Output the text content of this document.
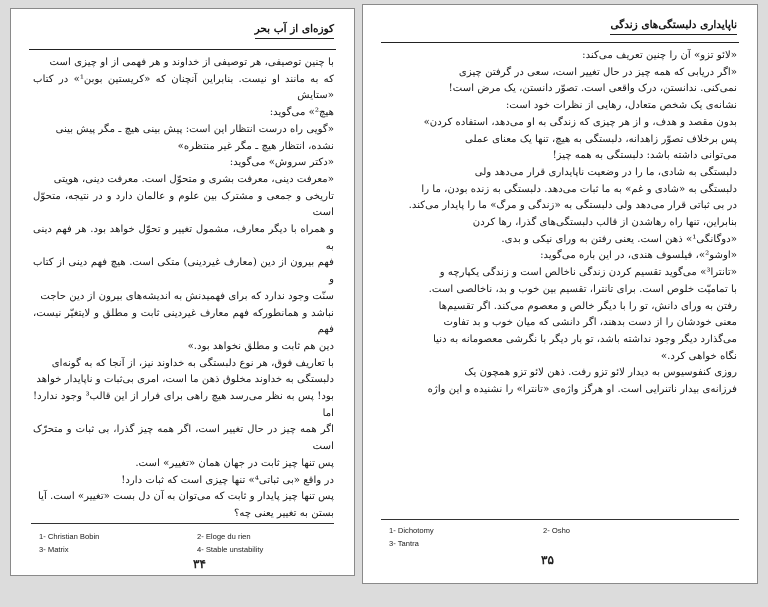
کوزه‌ای از آب بحر

با چنین توصیفی، هر توصیفی از خداوند و هر فهمی از او چیزی است

که به مانند او نیست. بنابراین آنچنان که «کریستین بوبن¹» در کتاب «ستایش

هیچ²» می‌گوید:

«گویی راه درست انتظار این است: پیش بینی هیچ ـ مگر پیش بینی

نشده، انتظار هیچ ـ مگر غیر منتظره»

«دکتر سروش» می‌گوید:

«معرفت دینی، معرفت بشری و متحوّل است. معرفت دینی، هویتی

تاریخی و جمعی و مشترک بین علوم و عالمان دارد و در نتیجه، متحوّل است

و همراه با دیگر معارف، مشمول تغییر و تحوّل خواهد بود. هر فهم دینی به

فهم بیرون از دین (معارف غیردینی) متکی است. هیچ فهم دینی از کتاب و

سنّت وجود ندارد که برای فهمیدنش به اندیشه‌های بیرون از دین حاجت

نباشد و همانطورکه فهم معارف غیردینی ثابت و مطلق و لایتغیّر نیست، فهم

دین هم ثابت و مطلق نخواهد بود.»

با تعاریف فوق، هر نوع دلبستگی به خداوند نیز، از آنجا که به گونه‌ای

دلبستگی به خداوند مخلوق ذهن ما است، امری بی‌ثبات و ناپایدار خواهد

بود! پس به نظر می‌رسد هیچ راهی برای فرار از این قالب³ وجود ندارد! اما

اگر همه چیز در حال تغییر است، اگر همه چیز گذرا، بی ثبات و متحرّک است

پس تنها چیز ثابت در جهان همان «تغییر» است.

در واقع «بی ثباتی⁴» تنها چیزی است که ثبات دارد!

پس تنها چیز پایدار و ثابت که می‌توان به آن دل بست «تغییر» است. آیا

بستن به تغییر یعنی چه؟

1- Christian Bobin	2- Eloge du rien
3- Matrix	4- Stable unstability
۳۴
ناپایداری دلبستگی‌های زندگی

«لائو تزو» آن را چنین تعریف می‌کند:

«اگر دریابی که همه چیز در حال تغییر است، سعی در گرفتن چیزی

نمی‌کنی. ندانستن، درک واقعی است. تصوّر دانستن، یک مرض است!

نشانه‌ی یک شخص متعادل، رهایی از نظرات خود است:

بدون مقصد و هدف، و از هر چیزی که زندگی به او می‌دهد، استفاده کردن»

پس برخلاف تصوّر زاهدانه، دلبستگی به هیچ، تنها یک معنای عملی

می‌توانی داشته باشد: دلبستگی به همه چیز!

دلبستگی به شادی، ما را در وضعیت ناپایداری قرار می‌دهد ولی

دلبستگی به «شادی و غم» به ما ثبات می‌دهد. دلبستگی به زنده بودن، ما را

در بی ثباتی قرار می‌دهد ولی دلبستگی به «زندگی و مرگ» ما را پایدار می‌کند.

بنابراین، تنها راه رهاشدن از قالب دلبستگی‌های گذرا، رها کردن

«دوگانگی¹» ذهن است. یعنی رفتن به ورای نیکی و بدی.

«اوشو²»، فیلسوف هندی، در این باره می‌گوید:

«تانترا³» می‌گوید تقسیم کردن زندگی ناخالص است و زندگی یکپارچه و

با تمامیّت خلوص است. برای تانترا، تقسیم بین خوب و بد، ناخالصی است.

رفتن به ورای دانش، تو را با دیگر خالص و معصوم می‌کند. اگر تقسیم‌ها

معنی خودشان را از دست بدهند، اگر دانشی که میان خوب و بد تفاوت

می‌گذارد دیگر وجود نداشته باشد، تو بار دیگر با نگرشی معصومانه به دنیا

نگاه خواهی کرد.»

روزی کنفوسیوس به دیدار لائو تزو رفت. ذهن لائو تزو همچون یک

فرزانه‌ی بیدار ناتنرایی است. او هرگز واژه‌ی «تانترا» را نشنیده و این واژه

1- Dichotomy	2- Osho
3- Tantra
۳۵
